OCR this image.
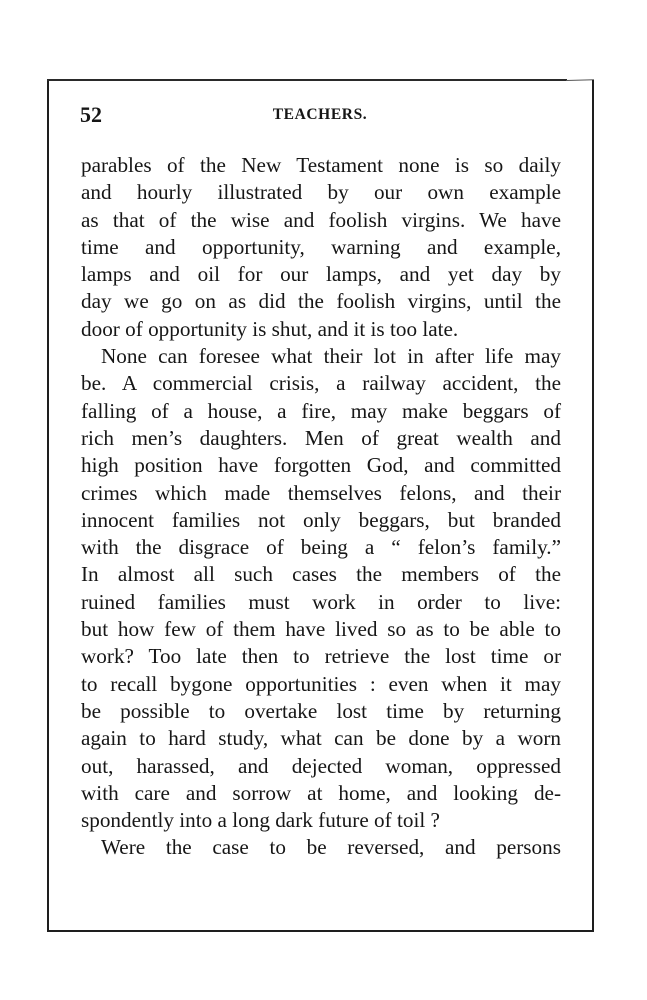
52	TEACHERS.
parables of the New Testament none is so daily
and hourly illustrated by our own example
as that of the wise and foolish virgins. We have
time and opportunity, warning and example,
lamps and oil for our lamps, and yet day by
day we go on as did the foolish virgins, until the
door of opportunity is shut, and it is too late.
None can foresee what their lot in after life may
be. A commercial crisis, a railway accident, the
falling of a house, a fire, may make beggars of
rich men’s daughters. Men of great wealth and
high position have forgotten God, and committed
crimes which made themselves felons, and their
innocent families not only beggars, but branded
with the disgrace of being a “ felon’s family.”
In almost all such cases the members of the
ruined families must work in order to live:
but how few of them have lived so as to be able to
work? Too late then to retrieve the lost time or
to recall bygone opportunities : even when it may
be possible to overtake lost time by returning
again to hard study, what can be done by a worn
out, harassed, and dejected woman, oppressed
with care and sorrow at home, and looking de-
spondently into a long dark future of toil ?
Were the case to be reversed, and persons
